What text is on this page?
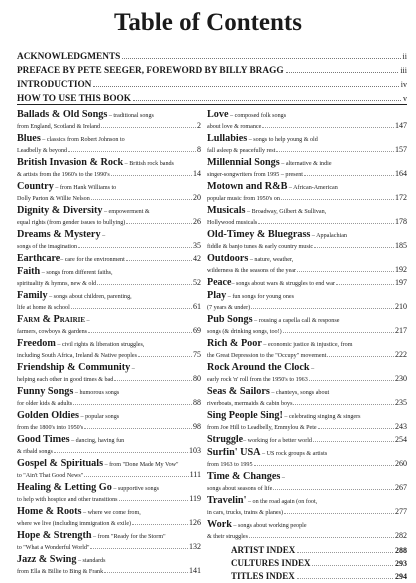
Table of Contents
ACKNOWLEDGMENTS	ii
PREFACE BY PETE SEEGER, FOREWORD BY BILLY BRAGG	iii
INTRODUCTION	iv
HOW TO USE THIS BOOK	v
Ballads & Old Songs – traditional songs
from England, Scotland & Ireland	2
Blues – classics from Robert Johnson to
Leadbelly & beyond	8
British Invasion & Rock – British rock bands
& artists from the 1960's to the 1990's	14
Country – from Hank Williams to
Dolly Parton & Willie Nelson	20
Dignity & Diversity – empowerment &
equal rights (from gender issues to bullying)	26
Dreams & Mystery –
songs of the imagination	35
Earthcare – care for the environment	42
Faith – songs from different faiths,
spirituality & hymns, new & old	52
Family – songs about children, parenting,
life at home & school	61
Farm & Prairie –
farmers, cowboys & gardens	69
Freedom – civil rights & liberation struggles,
including South Africa, Ireland & Native peoples	75
Friendship & Community –
helping each other in good times & bad	80
Funny Songs – humorous songs
for older kids & adults	88
Golden Oldies – popular songs
from the 1800's into 1950's	98
Good Times – dancing, having fun
& ribald songs	103
Gospel & Spirituals – from "Done Made My Vow"
to "Ain't That Good News"	111
Healing & Letting Go – supportive songs
to help with hospice and other transitions	119
Home & Roots – where we come from,
where we live (including immigration & exile)	126
Hope & Strength – from "Ready for the Storm"
to "What a Wonderful World"	132
Jazz & Swing – standards
from Ella & Billie to Bing & Frank	141
Love – composed folk songs
about love & romance	147
Lullabies – songs to help young & old
fall asleep & peacefully rest	157
Millennial Songs – alternative & indie
singer-songwriters from 1995 – present	164
Motown and R&B – African-American
popular music from 1950's on	172
Musicals – Broadway, Gilbert & Sullivan,
Hollywood musicals	178
Old-Timey & Bluegrass – Appalachian
fiddle & banjo tunes & early country music	185
Outdoors – nature, weather,
wilderness & the seasons of the year	192
Peace – songs about wars & struggles to end war	197
Play – fun songs for young ones
(7 years & under)	210
Pub Songs – rousing a capella call & response
songs (& drinking songs, too!)	217
Rich & Poor – economic justice & injustice, from
the Great Depression to the "Occupy" movement	222
Rock Around the Clock –
early rock 'n' roll from the 1950's to 1963	230
Seas & Sailors – chanteys, songs about
riverboats, mermaids & cabin boys	235
Sing People Sing! – celebrating singing & singers
from Joe Hill to Leadbelly, Emmylou & Pete	243
Struggle – working for a better world	254
Surfin' USA – US rock groups & artists
from 1963 to 1995	260
Time & Changes –
songs about seasons of life	267
Travelin' – on the road again (on foot,
in cars, trucks, trains & planes)	277
Work – songs about working people
& their struggles	282
ARTIST INDEX	288
CULTURES INDEX	293
TITLES INDEX	294
